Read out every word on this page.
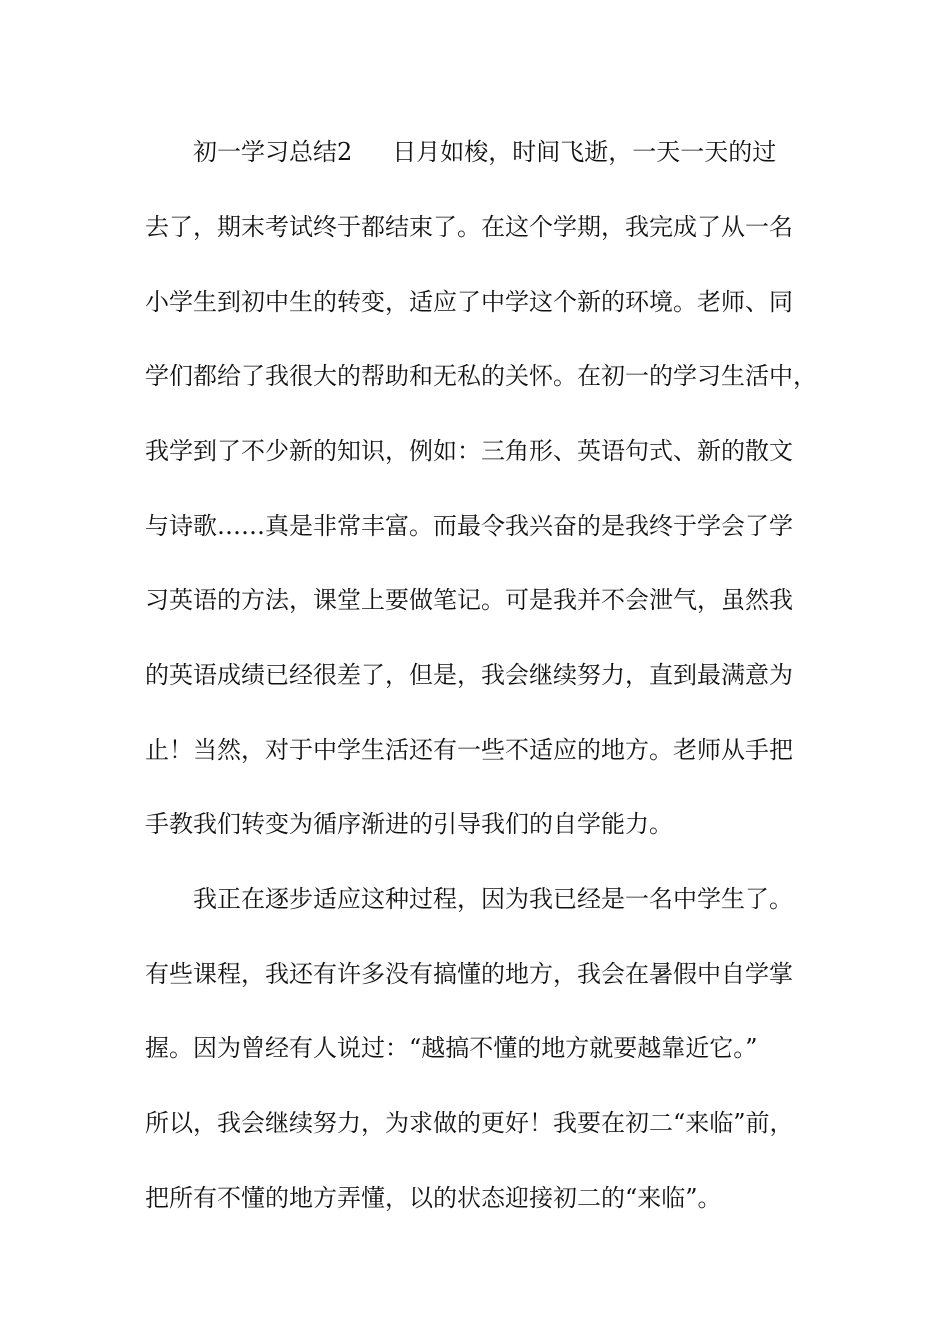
初一学习总结2 日月如梭，时间飞逝，一天一天的过
去了，期末考试终于都结束了。在这个学期，我完成了从一名
小学生到初中生的转变，适应了中学这个新的环境。老师、同
学们都给了我很大的帮助和无私的关怀。在初一的学习生活中，
我学到了不少新的知识，例如：三角形、英语句式、新的散文
与诗歌……真是非常丰富。而最令我兴奋的是我终于学会了学
习英语的方法，课堂上要做笔记。可是我并不会泄气，虽然我
的英语成绩已经很差了，但是，我会继续努力，直到最满意为
止！当然，对于中学生活还有一些不适应的地方。老师从手把
手教我们转变为循序渐进的引导我们的自学能力。
我正在逐步适应这种过程，因为我已经是一名中学生了。
有些课程，我还有许多没有搞懂的地方，我会在暑假中自学掌
握。因为曾经有人说过：“越搞不懂的地方就要越靠近它。”
所以，我会继续努力，为求做的更好！我要在初二“来临”前，
把所有不懂的地方弄懂，以的状态迎接初二的“来临”。
